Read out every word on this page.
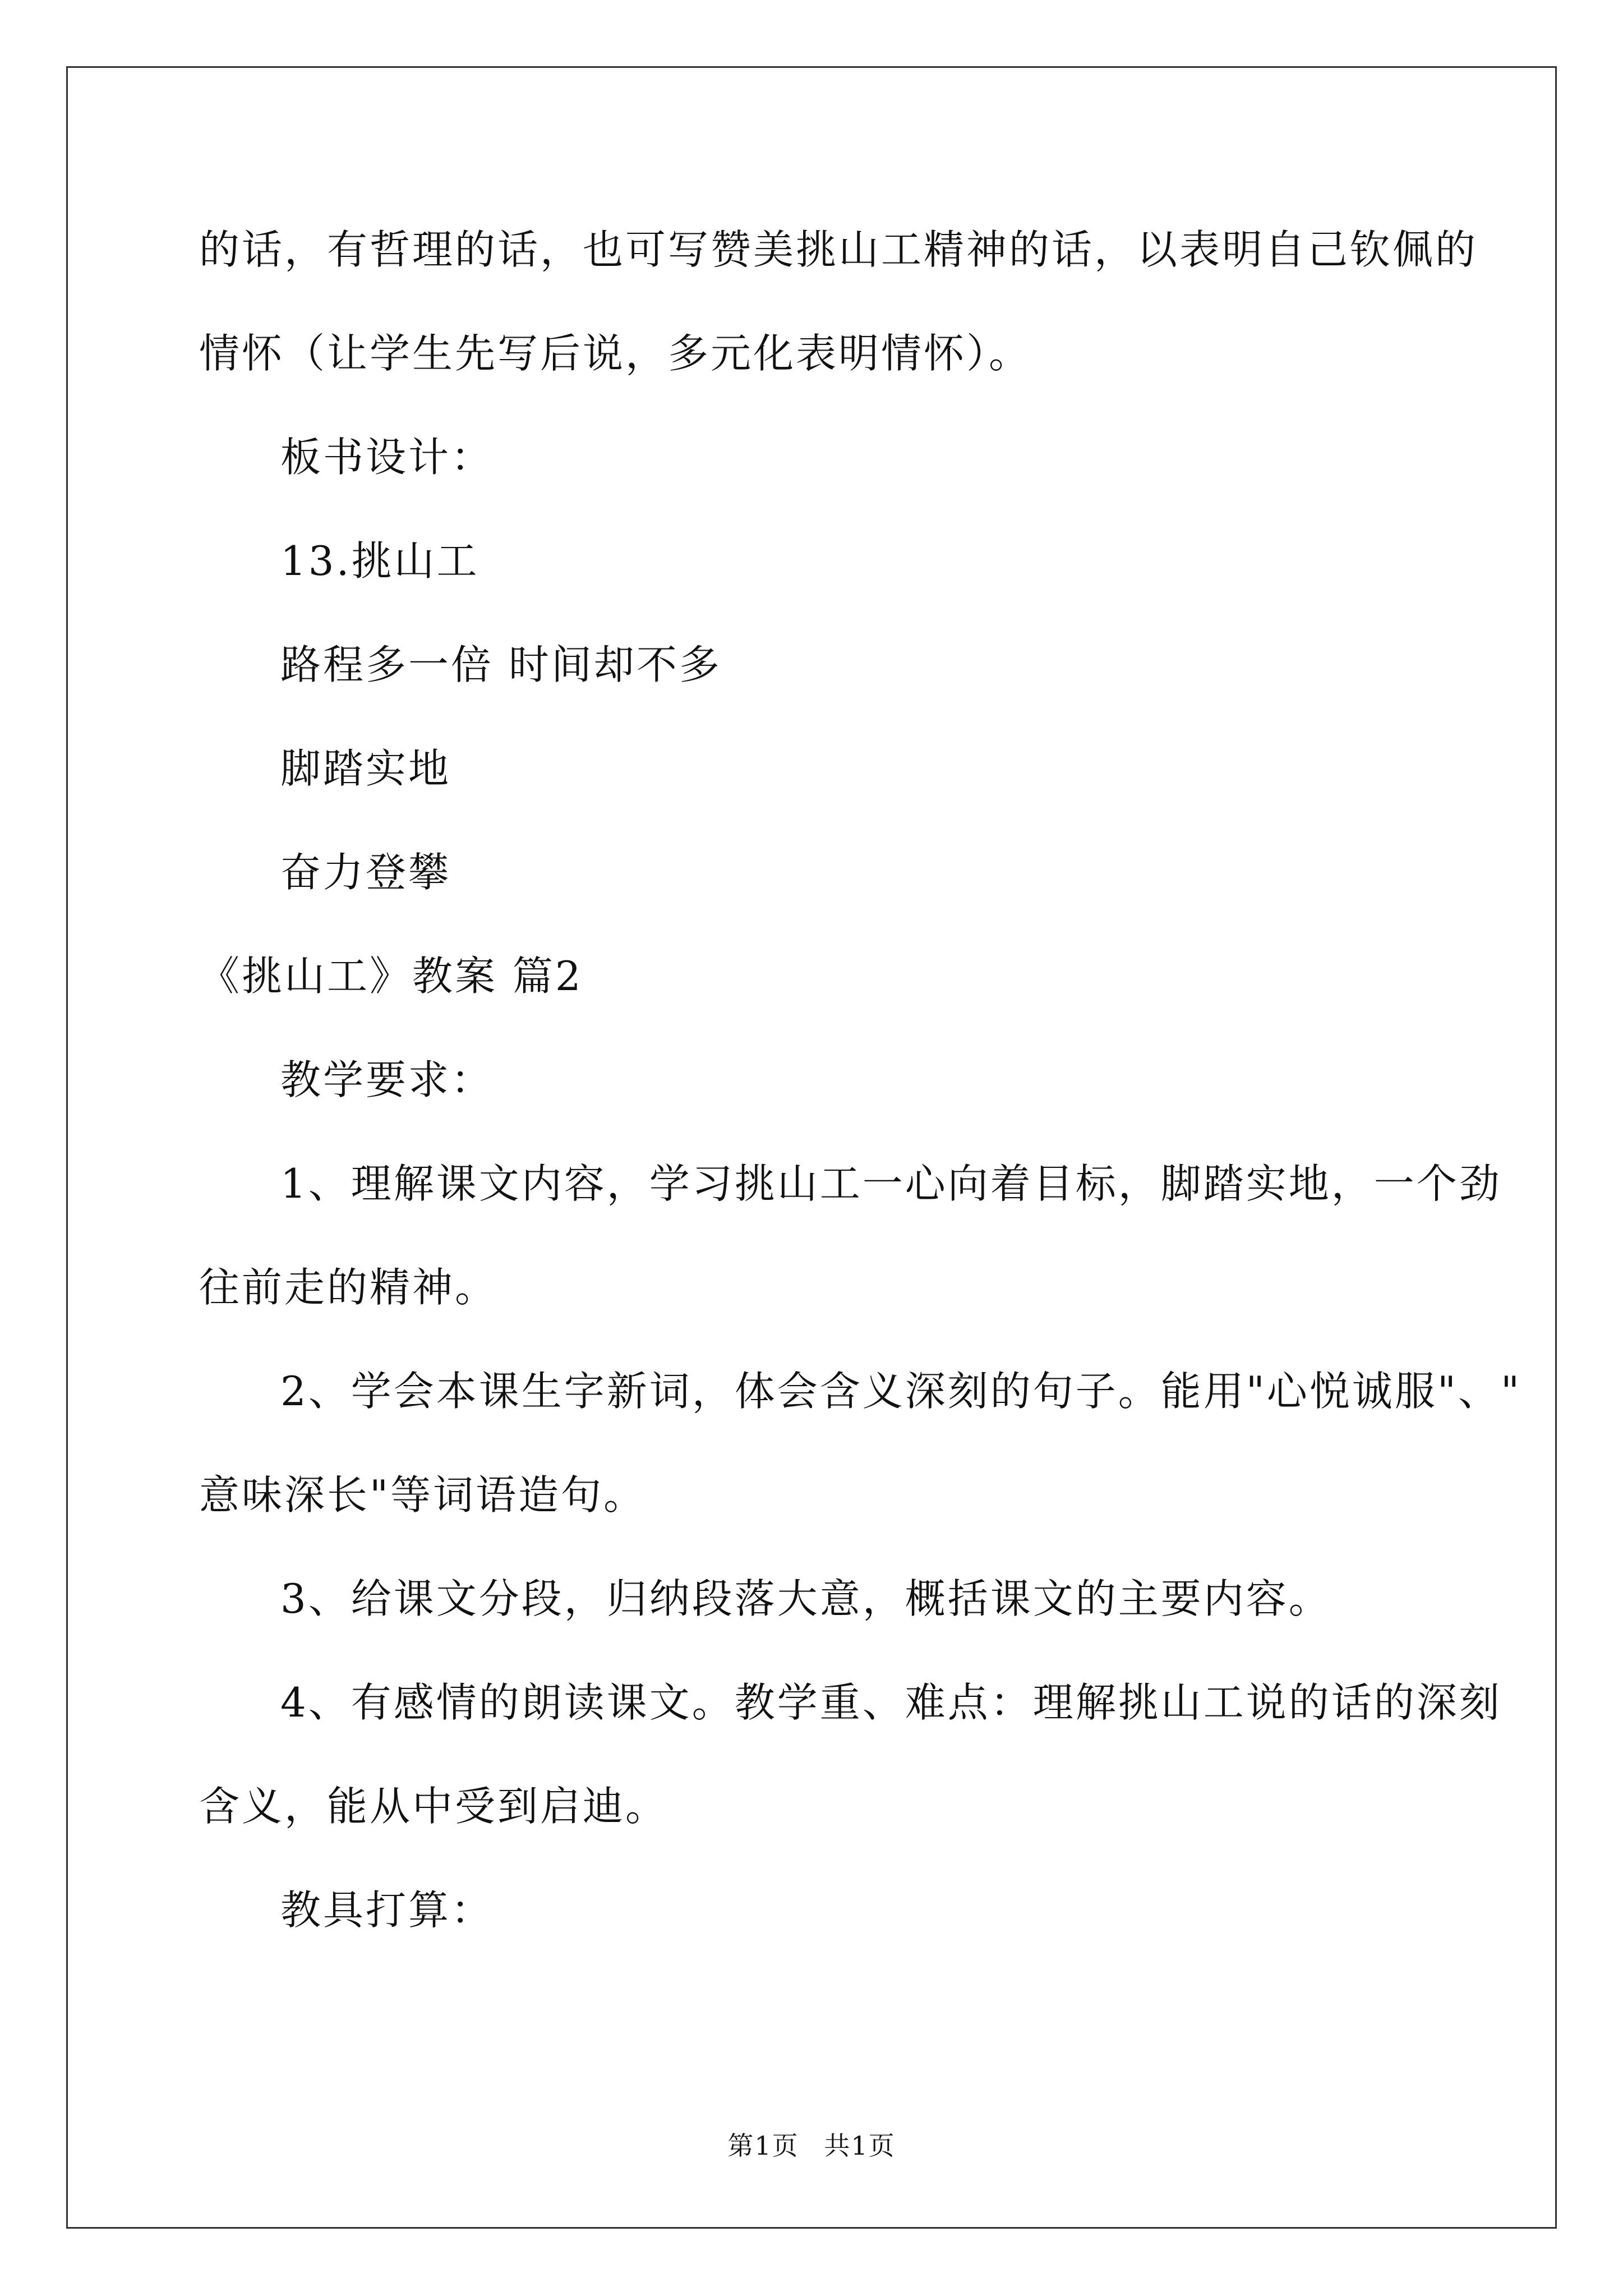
的话，有哲理的话，也可写赞美挑山工精神的话，以表明自己钦佩的
情怀（让学生先写后说，多元化表明情怀）。
板书设计：
13.挑山工
路程多一倍 时间却不多
脚踏实地
奋力登攀
《挑山工》教案 篇2
教学要求：
1、理解课文内容，学习挑山工一心向着目标，脚踏实地，一个劲
往前走的精神。
2、学会本课生字新词，体会含义深刻的句子。能用"心悦诚服"、"
意味深长"等词语造句。
3、给课文分段，归纳段落大意，概括课文的主要内容。
4、有感情的朗读课文。教学重、难点：理解挑山工说的话的深刻
含义，能从中受到启迪。
教具打算：
第1页 共1页
